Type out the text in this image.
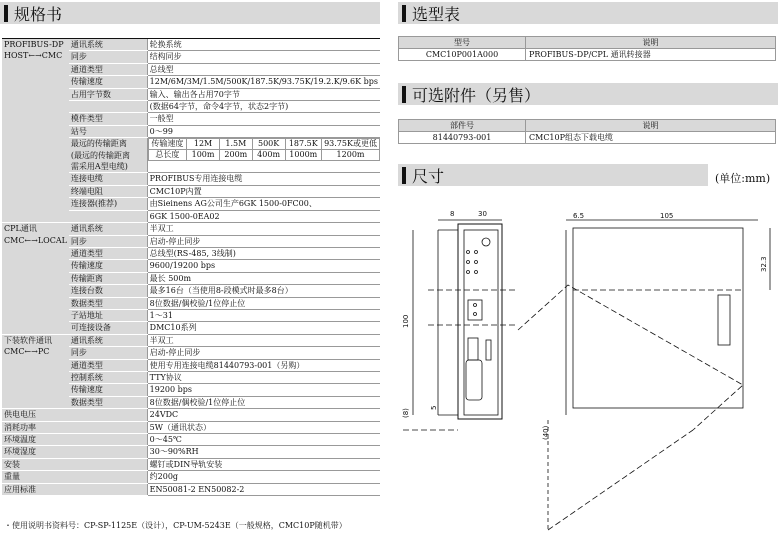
规格书	选型表
可选附件（另售）
尺寸	(单位:mm)
PROFIBUS-DP HOST←→CMC	通讯系统	轮换系统
同步	结构同步
通道类型	总线型
传输速度	12M/6M/3M/1.5M/500K/187.5K/93.75K/19.2.K/9.6K bps
占用字节数	输入、输出各占用70字节
	(数据64字节，命令4字节，状态2字节)
模件类型	一般型
站号	0～99
最远的传输距离
(最远的传输距离
需采用A型电缆)	
传输速度	12M	1.5M	500K	187.5K	93.75K或更低
总长度	100m	200m	400m	1000m	1200m

连接电缆	PROFIBUS专用连接电缆
终端电阻	CMC10P内置
连接器(推荐)	由Sieinens AG公司生产6GK 1500-0FC00、
	6GK 1500-0EA02
CPL通讯 CMC←→LOCAL	通讯系统	半双工
同步	启动-停止同步
通道类型	总线型(RS-485, 3线制)
传输速度	9600/19200 bps
传输距离	最长 500m
连接台数	最多16台（当使用8-段模式时最多8台）
数据类型	8位数据/偶校验/1位停止位
子站地址	1～31
可连接设备	DMC10系列
下装软件通讯 CMC←→PC	通讯系统	半双工
同步	启动-停止同步
通道类型	使用专用连接电缆81440793-001（另购）
控制系统	TTY协议
传输速度	19200 bps
数据类型	8位数据/偶校验/1位停止位
供电电压	24VDC
消耗功率	5W（通讯状态）
环境温度	0～45℃
环境湿度	30～90%RH
安装	螺钉或DIN导轨安装
重量	约200g
应用标准	EN50081-2 EN50082-2
・使用说明书资料号：CP-SP-1125E（设计），CP-UM-5243E（一般规格，CMC10P随机带）
型号	说明
CMC10P001A000	PROFIBUS-DP/CPL 通讯转接器
部件号	说明
81440793-001	CMC10P组态下载电缆
8	30
100
(8)
5
(40)
6.5	105
32.3
